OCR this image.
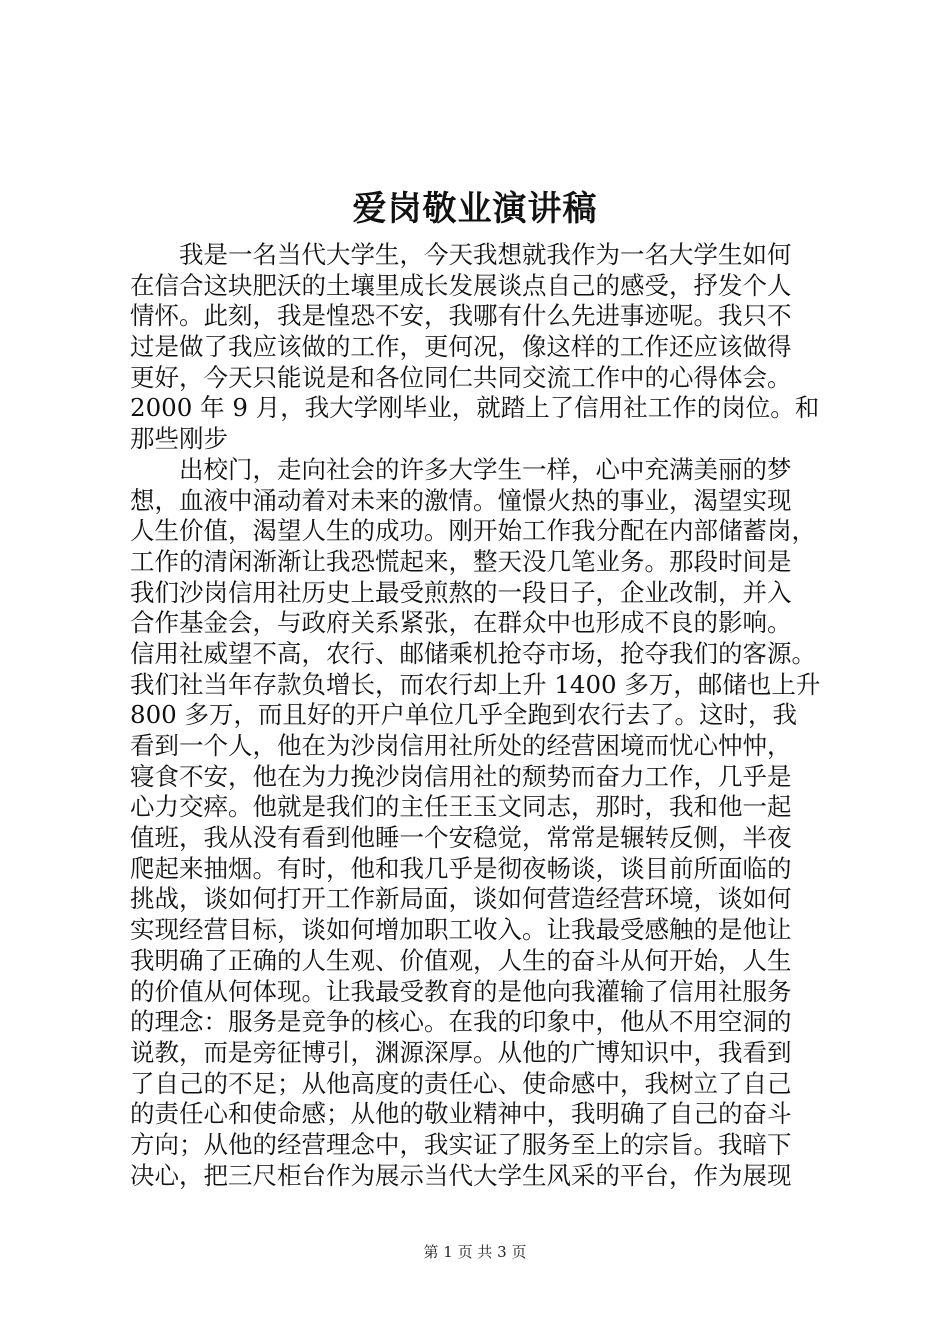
爱岗敬业演讲稿
　　我是一名当代大学生，今天我想就我作为一名大学生如何
在信合这块肥沃的土壤里成长发展谈点自己的感受，抒发个人
情怀。此刻，我是惶恐不安，我哪有什么先进事迹呢。我只不
过是做了我应该做的工作，更何况，像这样的工作还应该做得
更好，今天只能说是和各位同仁共同交流工作中的心得体会。
2000 年 9 月，我大学刚毕业，就踏上了信用社工作的岗位。和
那些刚步
　　出校门，走向社会的许多大学生一样，心中充满美丽的梦
想，血液中涌动着对未来的激情。憧憬火热的事业，渴望实现
人生价值，渴望人生的成功。刚开始工作我分配在内部储蓄岗，
工作的清闲渐渐让我恐慌起来，整天没几笔业务。那段时间是
我们沙岗信用社历史上最受煎熬的一段日子，企业改制，并入
合作基金会，与政府关系紧张，在群众中也形成不良的影响。
信用社威望不高，农行、邮储乘机抢夺市场，抢夺我们的客源。
我们社当年存款负增长，而农行却上升 1400 多万，邮储也上升
800 多万，而且好的开户单位几乎全跑到农行去了。这时，我
看到一个人，他在为沙岗信用社所处的经营困境而忧心忡忡，
寝食不安，他在为力挽沙岗信用社的颓势而奋力工作，几乎是
心力交瘁。他就是我们的主任王玉文同志，那时，我和他一起
值班，我从没有看到他睡一个安稳觉，常常是辗转反侧，半夜
爬起来抽烟。有时，他和我几乎是彻夜畅谈，谈目前所面临的
挑战，谈如何打开工作新局面，谈如何营造经营环境，谈如何
实现经营目标，谈如何增加职工收入。让我最受感触的是他让
我明确了正确的人生观、价值观，人生的奋斗从何开始，人生
的价值从何体现。让我最受教育的是他向我灌输了信用社服务
的理念：服务是竞争的核心。在我的印象中，他从不用空洞的
说教，而是旁征博引，渊源深厚。从他的广博知识中，我看到
了自己的不足；从他高度的责任心、使命感中，我树立了自己
的责任心和使命感；从他的敬业精神中，我明确了自己的奋斗
方向；从他的经营理念中，我实证了服务至上的宗旨。我暗下
决心，把三尺柜台作为展示当代大学生风采的平台，作为展现
第 1 页 共 3 页
